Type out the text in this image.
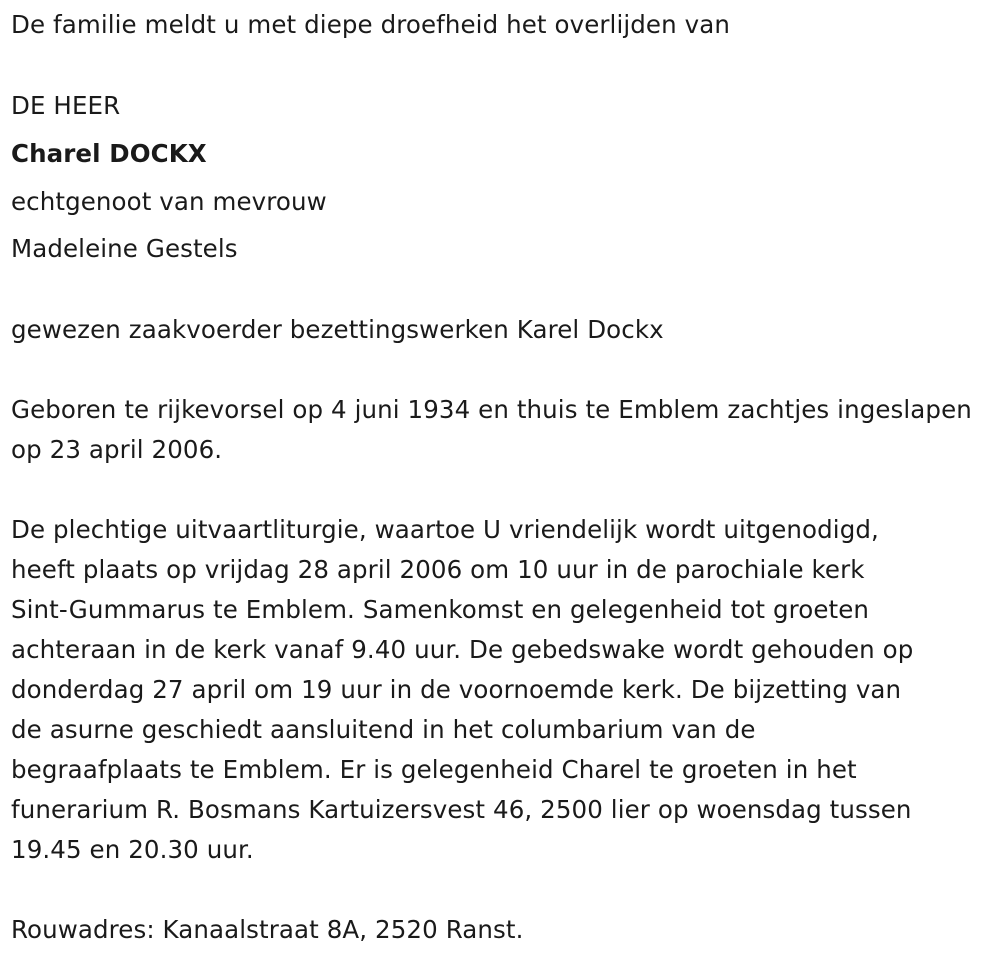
De familie meldt u met diepe droefheid het overlijden van
DE HEER
Charel DOCKX
echtgenoot van mevrouw
Madeleine Gestels
gewezen zaakvoerder bezettingswerken Karel Dockx
Geboren te rijkevorsel op 4 juni 1934 en thuis te Emblem zachtjes ingeslapen op 23 april 2006.
De plechtige uitvaartliturgie, waartoe U vriendelijk wordt uitgenodigd,
heeft plaats op vrijdag 28 april 2006 om 10 uur in de parochiale kerk
Sint-Gummarus te Emblem. Samenkomst en gelegenheid tot groeten
achteraan in de kerk vanaf 9.40 uur. De gebedswake wordt gehouden op
donderdag 27 april om 19 uur in de voornoemde kerk. De bijzetting van
de asurne geschiedt aansluitend in het columbarium van de
begraafplaats te Emblem. Er is gelegenheid Charel te groeten in het
funerarium R. Bosmans Kartuizersvest 46, 2500 lier op woensdag tussen
19.45 en 20.30 uur.
Rouwadres: Kanaalstraat 8A, 2520 Ranst.
